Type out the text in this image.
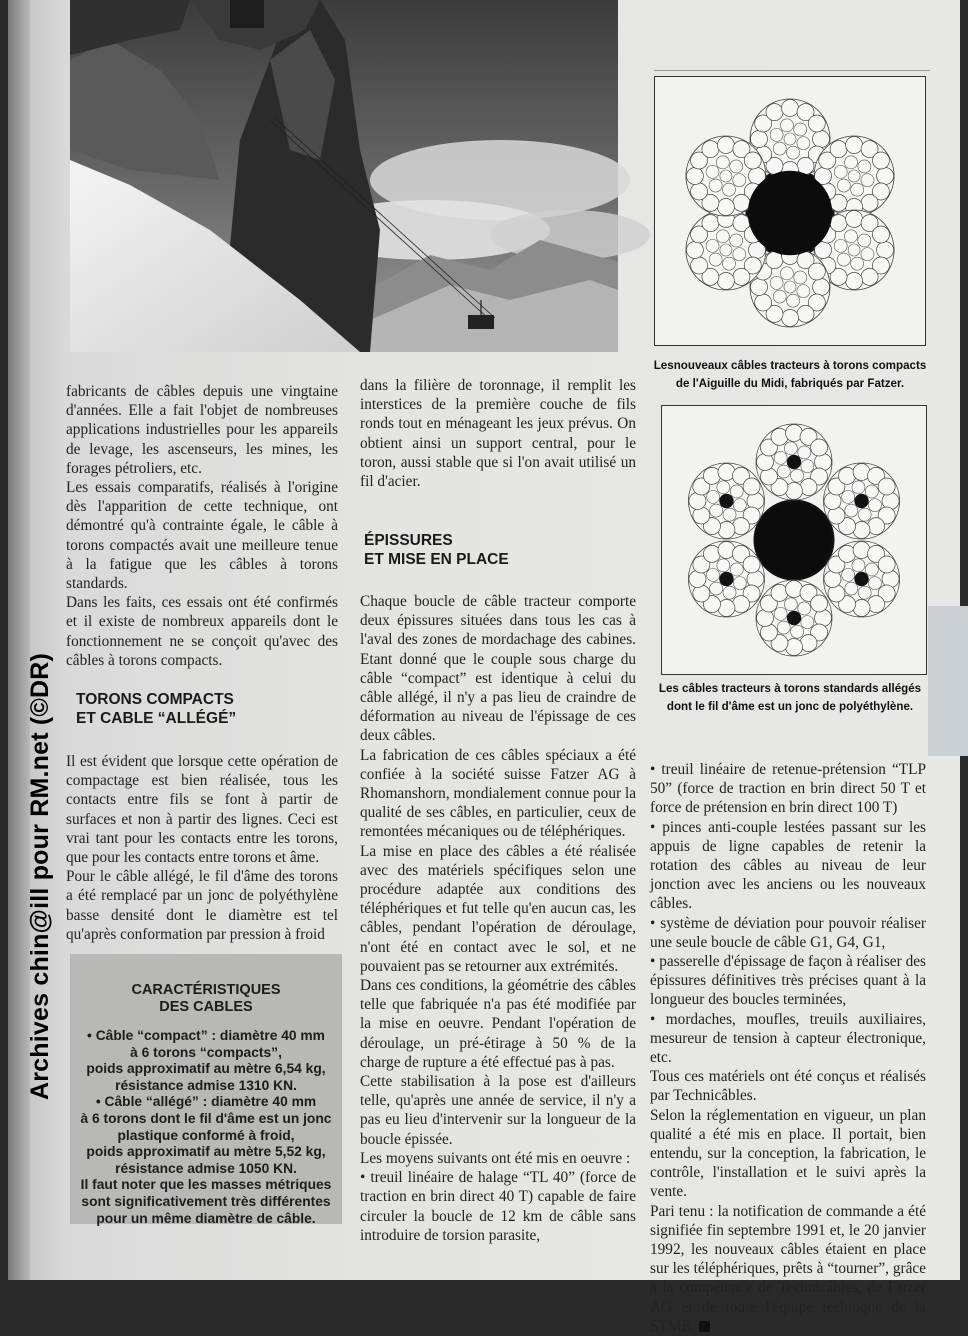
Archives chin@ill pour RM.net (©DR)

fabricants de câbles depuis une vingtaine d'années. Elle a fait l'objet de nombreuses applications industrielles pour les appareils de levage, les ascenseurs, les mines, les forages pétroliers, etc.

Les essais comparatifs, réalisés à l'origine dès l'apparition de cette technique, ont démontré qu'à contrainte égale, le câble à torons compactés avait une meilleure tenue à la fatigue que les câbles à torons standards.

Dans les faits, ces essais ont été confirmés et il existe de nombreux appareils dont le fonctionnement ne se conçoit qu'avec des câbles à torons compacts.

TORONS COMPACTS
ET CABLE “ALLÉGÉ”

Il est évident que lorsque cette opération de compactage est bien réalisée, tous les contacts entre fils se font à partir de surfaces et non à partir des lignes. Ceci est vrai tant pour les contacts entre les torons, que pour les contacts entre torons et âme.

Pour le câble allégé, le fil d'âme des torons a été remplacé par un jonc de polyéthylène basse densité dont le diamètre est tel qu'après conformation par pression à froid

CARACTÉRISTIQUES
DES CABLES

• Câble “compact” : diamètre 40 mm

à 6 torons “compacts”,

poids approximatif au mètre 6,54 kg,

résistance admise 1310 KN.

• Câble “allégé” : diamètre 40 mm

à 6 torons dont le fil d'âme est un jonc

plastique conformé à froid,

poids approximatif au mètre 5,52 kg,

résistance admise 1050 KN.

Il faut noter que les masses métriques

sont significativement très différentes

pour un même diamètre de câble.

dans la filière de toronnage, il remplit les interstices de la première couche de fils ronds tout en ménageant les jeux prévus. On obtient ainsi un support central, pour le toron, aussi stable que si l'on avait utilisé un fil d'acier.

ÉPISSURES
ET MISE EN PLACE

Chaque boucle de câble tracteur comporte deux épissures situées dans tous les cas à l'aval des zones de mordachage des cabines. Etant donné que le couple sous charge du câble “compact” est identique à celui du câble allégé, il n'y a pas lieu de craindre de déformation au niveau de l'épissage de ces deux câbles.

La fabrication de ces câbles spéciaux a été confiée à la société suisse Fatzer AG à Rhomanshorn, mondialement connue pour la qualité de ses câbles, en particulier, ceux de remontées mécaniques ou de téléphériques.

La mise en place des câbles a été réalisée avec des matériels spécifiques selon une procédure adaptée aux conditions des téléphériques et fut telle qu'en aucun cas, les câbles, pendant l'opération de déroulage, n'ont été en contact avec le sol, et ne pouvaient pas se retourner aux extrémités.

Dans ces conditions, la géométrie des câbles telle que fabriquée n'a pas été modifiée par la mise en oeuvre. Pendant l'opération de déroulage, un pré-étirage à 50 % de la charge de rupture a été effectué pas à pas.

Cette stabilisation à la pose est d'ailleurs telle, qu'après une année de service, il n'y a pas eu lieu d'intervenir sur la longueur de la boucle épissée.

Les moyens suivants ont été mis en oeuvre :

• treuil linéaire de halage “TL 40” (force de traction en brin direct 40 T) capable de faire circuler la boucle de 12 km de câble sans introduire de torsion parasite,

Lesnouveaux câbles tracteurs à torons compacts de l'Aiguille du Midi, fabriqués par Fatzer.
Les câbles tracteurs à torons standards allégés dont le fil d'âme est un jonc de polyéthylène.

• treuil linéaire de retenue-prétension “TLP 50” (force de traction en brin direct 50 T et force de prétension en brin direct 100 T)

• pinces anti-couple lestées passant sur les appuis de ligne capables de retenir la rotation des câbles au niveau de leur jonction avec les anciens ou les nouveaux câbles.

• système de déviation pour pouvoir réaliser une seule boucle de câble G1, G4, G1,

• passerelle d'épissage de façon à réaliser des épissures définitives très précises quant à la longueur des boucles terminées,

• mordaches, moufles, treuils auxiliaires, mesureur de tension à capteur électronique, etc.

Tous ces matériels ont été conçus et réalisés par Technicâbles.

Selon la réglementation en vigueur, un plan qualité a été mis en place. Il portait, bien entendu, sur la conception, la fabrication, le contrôle, l'installation et le suivi après la vente.

Pari tenu : la notification de commande a été signifiée fin septembre 1991 et, le 20 janvier 1992, les nouveaux câbles étaient en place sur les téléphériques, prêts à “tourner”, grâce à la compétence de Technicâbles, de Fatzer AG et de toute l'équipe technique de la STMB.
